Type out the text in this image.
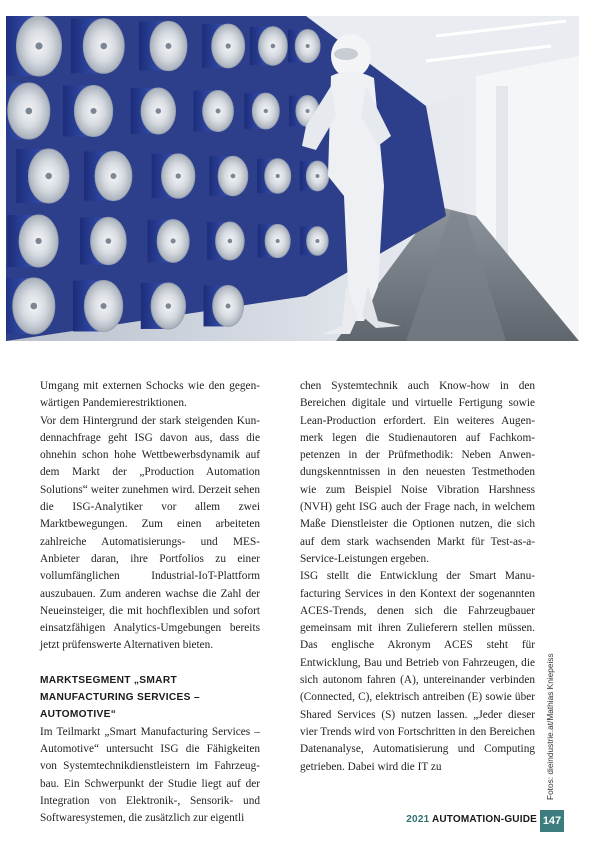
Umgang mit externen Schocks wie den gegenwärtigen Pandemierestriktionen.

Vor dem Hintergrund der stark steigenden Kundennachfrage geht ISG davon aus, dass die ohnehin schon hohe Wettbewerbsdynamik auf dem Markt der „Production Automation Solutions“ weiter zunehmen wird. Derzeit sehen die ISG-Analytiker vor allem zwei Marktbewegungen. Zum einen arbeiteten zahlreiche Automatisierungs- und MES-Anbieter daran, ihre Portfolios zu einer vollumfänglichen Industrial-IoT-Plattform auszubauen. Zum anderen wachse die Zahl der Neueinsteiger, die mit hochflexiblen und sofort einsatzfähigen Analytics-Umgebungen bereits jetzt prüfenswerte Alternativen bieten.

MARKTSEGMENT „SMART MANUFACTURING SERVICES – AUTOMOTIVE“

Im Teilmarkt „Smart Manufacturing Services – Automotive“ untersucht ISG die Fähigkeiten von Systemtechnikdienstleistern im Fahrzeugbau. Ein Schwerpunkt der Studie liegt auf der Integration von Elektronik-, Sensorik- und Softwaresystemen, die zusätzlich zur eigentli

chen Systemtechnik auch Know-how in den Bereichen digitale und virtuelle Fertigung sowie Lean-Production erfordert. Ein weiteres Augenmerk legen die Studienautoren auf Fachkompetenzen in der Prüfmethodik: Neben Anwendungskenntnissen in den neuesten Testmethoden wie zum Beispiel Noise Vibration Harshness (NVH) geht ISG auch der Frage nach, in welchem Maße Dienstleister die Optionen nutzen, die sich auf dem stark wachsenden Markt für Test-as-a-Service-Leistungen ergeben.

ISG stellt die Entwicklung der Smart Manufacturing Services in den Kontext der sogenannten ACES-Trends, denen sich die Fahrzeugbauer gemeinsam mit ihren Zulieferern stellen müssen. Das englische Akronym ACES steht für Entwicklung, Bau und Betrieb von Fahrzeugen, die sich autonom fahren (A), untereinander verbinden (Connected, C), elektrisch antreiben (E) sowie über Shared Services (S) nutzen lassen. „Jeder dieser vier Trends wird von Fortschritten in den Bereichen Datenanalyse, Automatisierung und Computing getrieben. Dabei wird die IT zu	Fotos: dieindustrie.at/Mathias Kniepeiss
2021 AUTOMATION-GUIDE 147
